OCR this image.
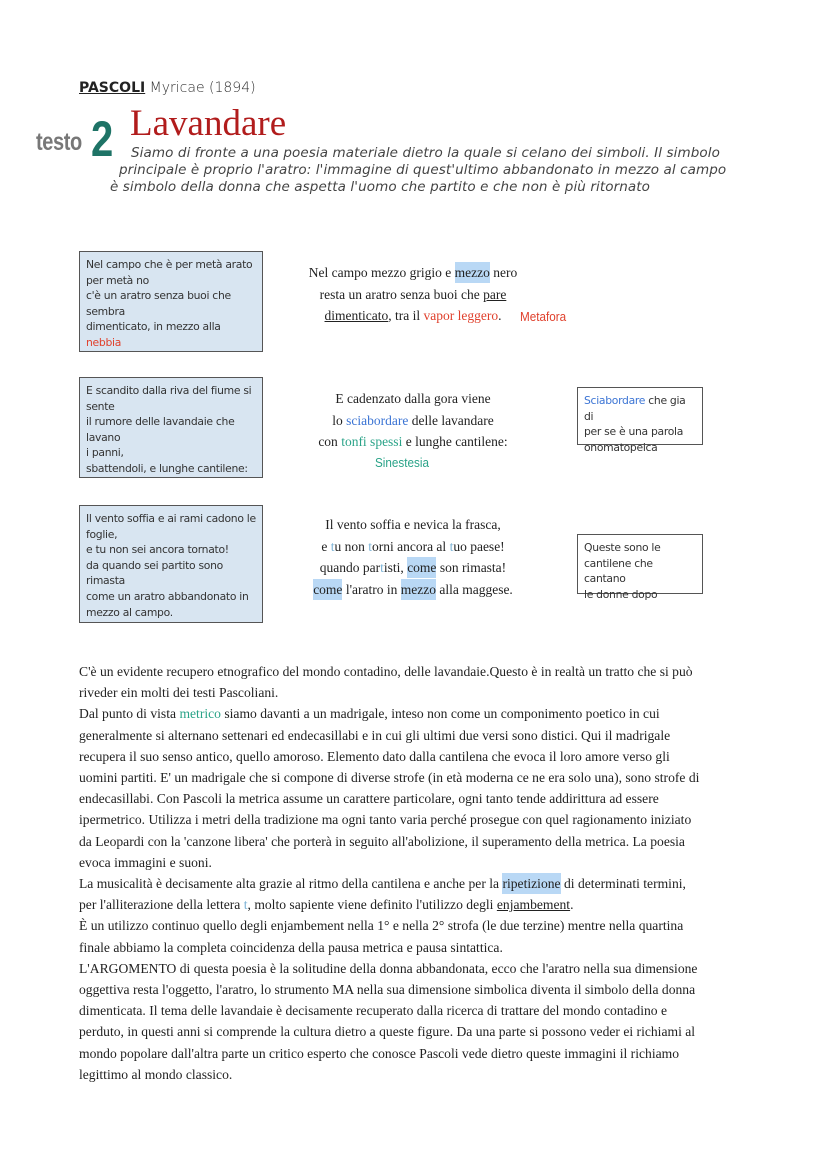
PASCOLI Myricae (1894)
testo 2 Lavandare
Siamo di fronte a una poesia materiale dietro la quale si celano dei simboli. Il simbolo
principale è proprio l'aratro: l'immagine di quest'ultimo abbandonato in mezzo al campo
è simbolo della donna che aspetta l'uomo che partito e che non è più ritornato
Nel campo che è per metà arato
per metà no
c'è un aratro senza buoi che
sembra
dimenticato, in mezzo alla nebbia
Nel campo mezzo grigio e mezzo nero
resta un aratro senza buoi che pare
dimenticato, tra il vapor leggero.	Metafora
E scandito dalla riva del fiume si
sente
il rumore delle lavandaie che lavano
i panni,
sbattendoli, e lunghe cantilene:
E cadenzato dalla gora viene
lo sciabordare delle lavandare
con tonfi spessi e lunghe cantilene:
Sinestesia
Sciabordare che gia di
per se è una parola
onomatopeica
Il vento soffia e ai rami cadono le
foglie,
e tu non sei ancora tornato!
da quando sei partito sono rimasta
come un aratro abbandonato in
mezzo al campo.
Il vento soffia e nevica la frasca,
e tu non torni ancora al tuo paese!
quando partisti, come son rimasta!
come l'aratro in mezzo alla maggese.
Queste sono le
cantilene che cantano
le donne dopo
C'è un evidente recupero etnografico del mondo contadino, delle lavandaie.Questo è in realtà un tratto che si può
riveder ein molti dei testi Pascoliani.
Dal punto di vista metrico siamo davanti a un madrigale, inteso non come un componimento poetico in cui
generalmente si alternano settenari ed endecasillabi e in cui gli ultimi due versi sono distici. Qui il madrigale
recupera il suo senso antico, quello amoroso. Elemento dato dalla cantilena che evoca il loro amore verso gli
uomini partiti. E' un madrigale che si compone di diverse strofe (in età moderna ce ne era solo una), sono strofe di
endecasillabi. Con Pascoli la metrica assume un carattere particolare, ogni tanto tende addirittura ad essere
ipermetrico. Utilizza i metri della tradizione ma ogni tanto varia perché prosegue con quel ragionamento iniziato
da Leopardi con la 'canzone libera' che porterà in seguito all'abolizione, il superamento della metrica. La poesia
evoca immagini e suoni.
La musicalità è decisamente alta grazie al ritmo della cantilena e anche per la ripetizione di determinati termini,
per l'alliterazione della lettera t, molto sapiente viene definito l'utilizzo degli enjambement.
È un utilizzo continuo quello degli enjambement nella 1° e nella 2° strofa (le due terzine) mentre nella quartina
finale abbiamo la completa coincidenza della pausa metrica e pausa sintattica.
L'ARGOMENTO di questa poesia è la solitudine della donna abbandonata, ecco che l'aratro nella sua dimensione
oggettiva resta l'oggetto, l'aratro, lo strumento MA nella sua dimensione simbolica diventa il simbolo della donna
dimenticata. Il tema delle lavandaie è decisamente recuperato dalla ricerca di trattare del mondo contadino e
perduto, in questi anni si comprende la cultura dietro a queste figure. Da una parte si possono veder ei richiami al
mondo popolare dall'altra parte un critico esperto che conosce Pascoli vede dietro queste immagini il richiamo
legittimo al mondo classico.
